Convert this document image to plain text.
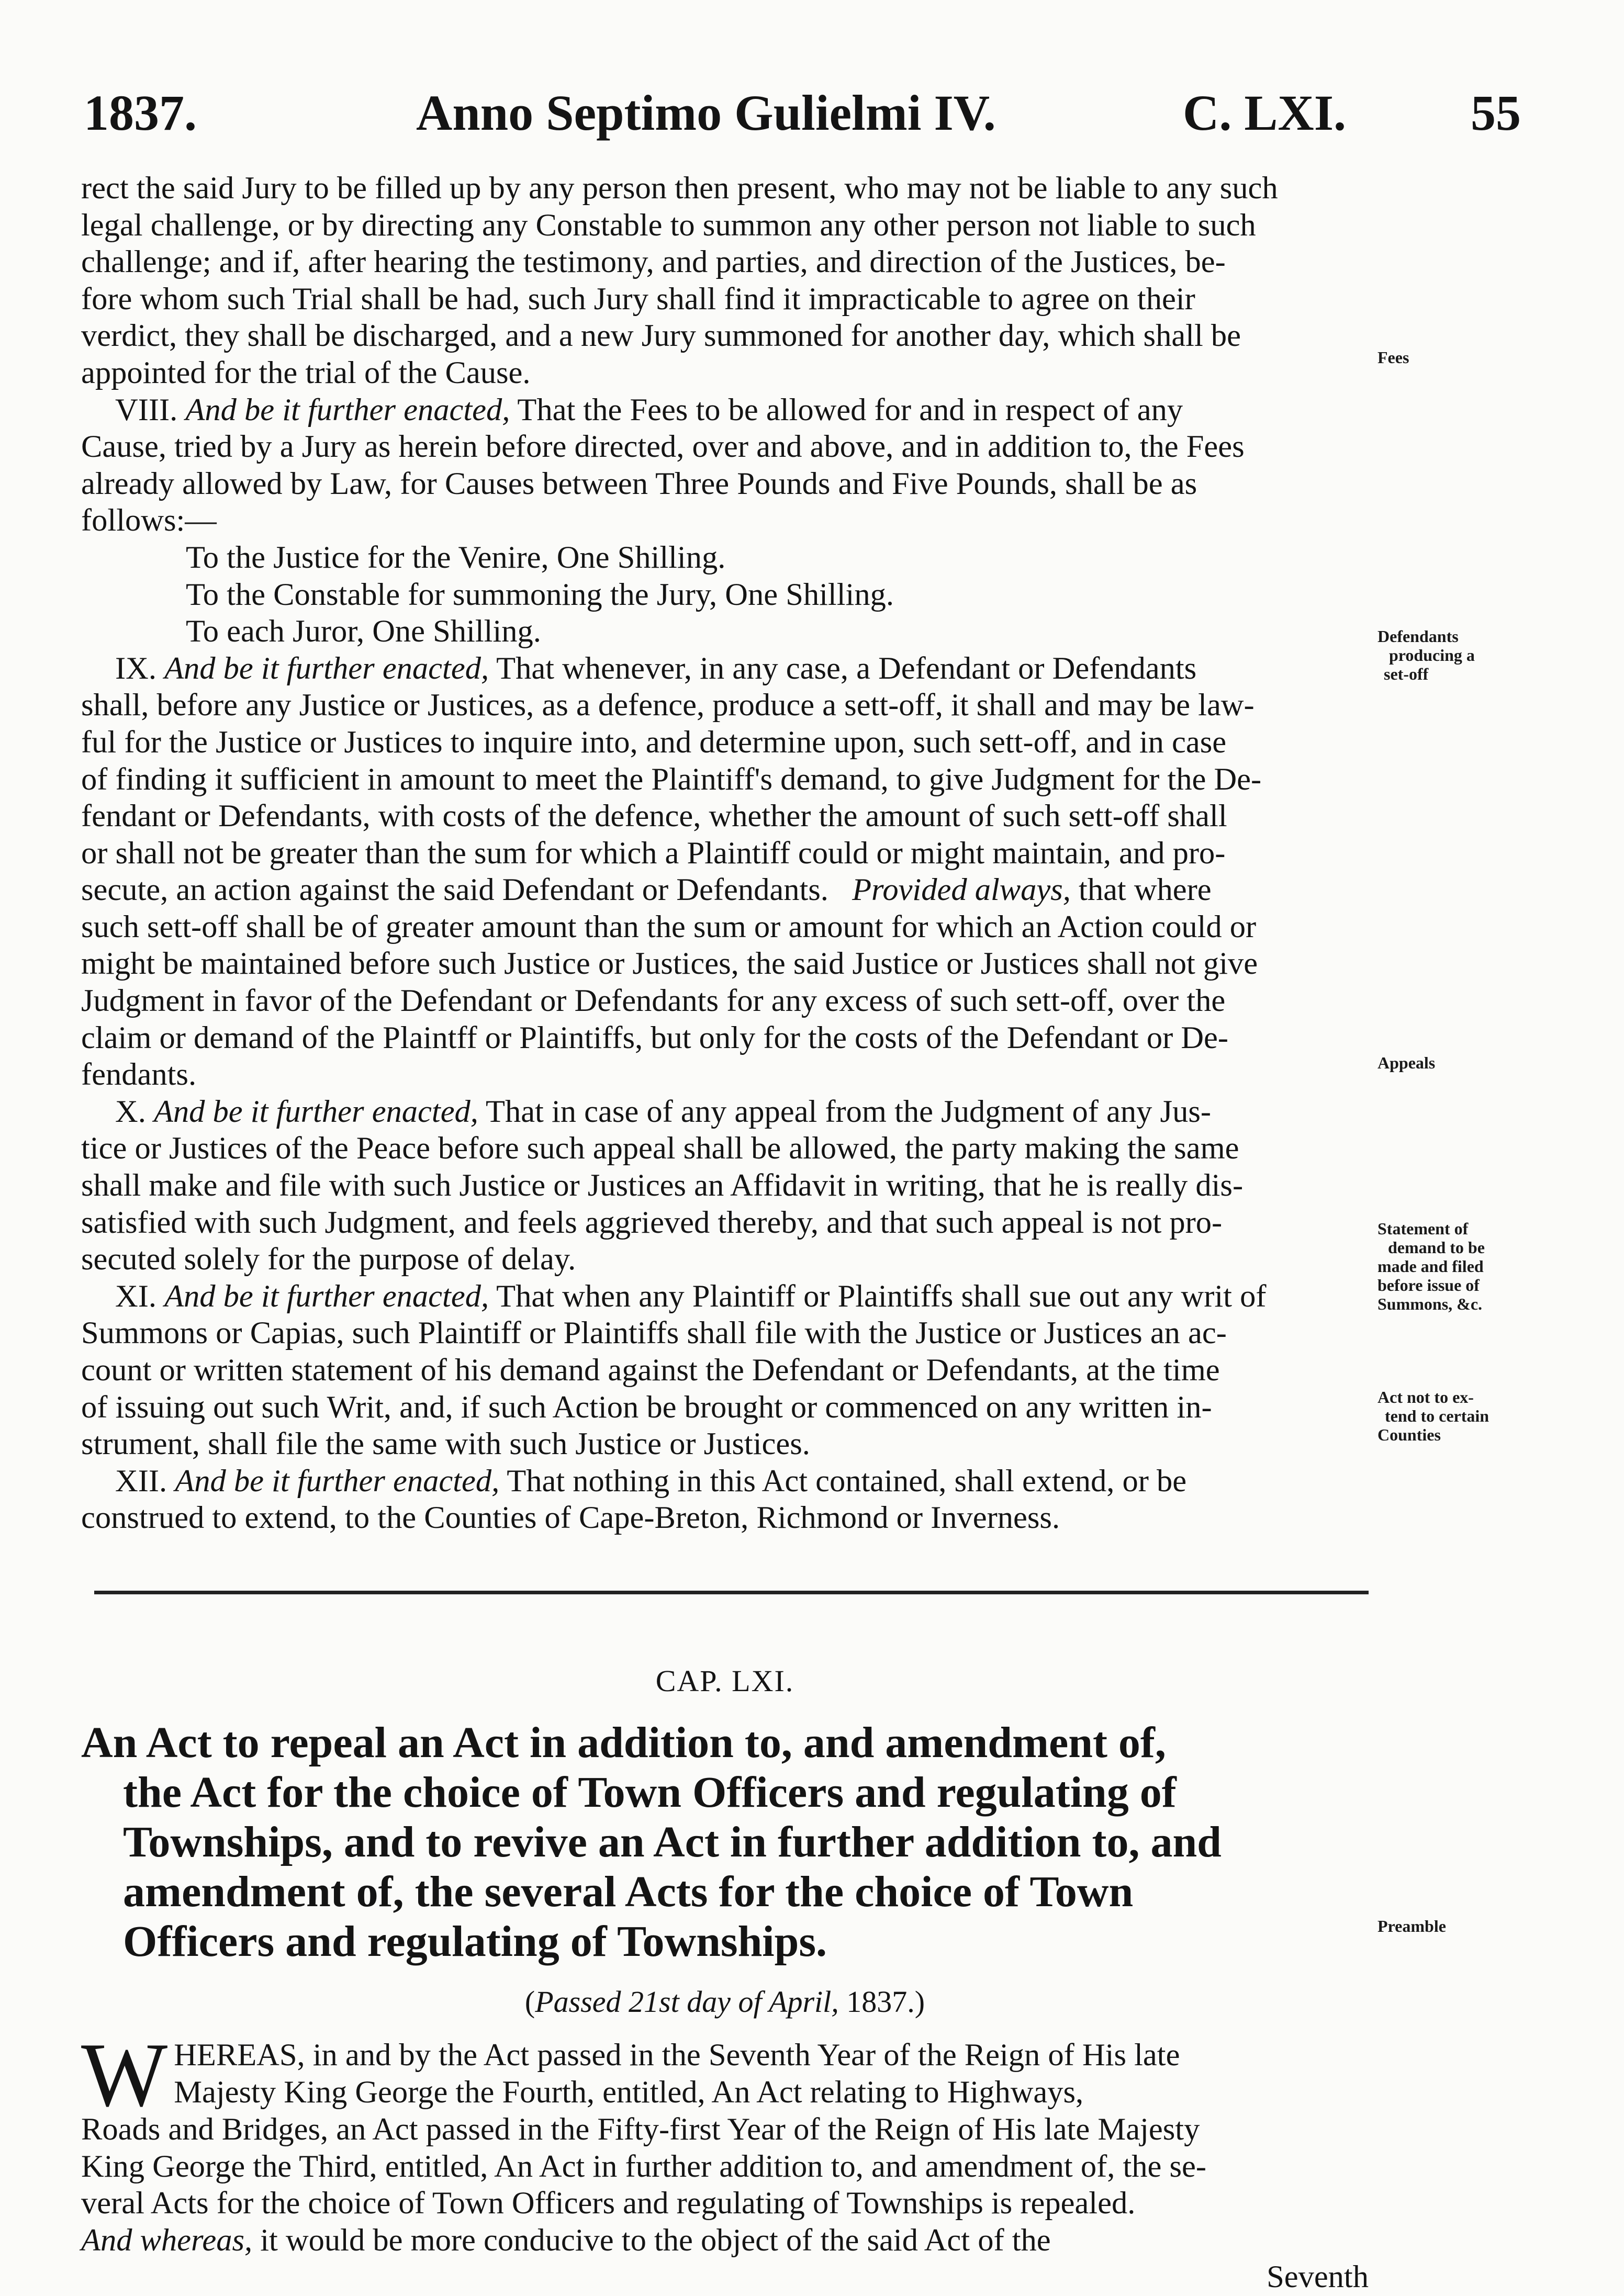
1837.	Anno Septimo Gulielmi IV.	C. LXI. 55
Fees
Defendants
producing a
set-off
Appeals
Statement of
demand to be
made and filed
before issue of
Summons, &c.
Act not to ex-
tend to certain
Counties
Preamble
rect the said Jury to be filled up by any person then present, who may not be liable to any such
legal challenge, or by directing any Constable to summon any other person not liable to such
challenge; and if, after hearing the testimony, and parties, and direction of the Justices, be-
fore whom such Trial shall be had, such Jury shall find it impracticable to agree on their
verdict, they shall be discharged, and a new Jury summoned for another day, which shall be
appointed for the trial of the Cause.
VIII. And be it further enacted, That the Fees to be allowed for and in respect of any
Cause, tried by a Jury as herein before directed, over and above, and in addition to, the Fees
already allowed by Law, for Causes between Three Pounds and Five Pounds, shall be as
follows:—
To the Justice for the Venire, One Shilling.
To the Constable for summoning the Jury, One Shilling.
To each Juror, One Shilling.
IX. And be it further enacted, That whenever, in any case, a Defendant or Defendants
shall, before any Justice or Justices, as a defence, produce a sett-off, it shall and may be law-
ful for the Justice or Justices to inquire into, and determine upon, such sett-off, and in case
of finding it sufficient in amount to meet the Plaintiff's demand, to give Judgment for the De-
fendant or Defendants, with costs of the defence, whether the amount of such sett-off shall
or shall not be greater than the sum for which a Plaintiff could or might maintain, and pro-
secute, an action against the said Defendant or Defendants. Provided always, that where
such sett-off shall be of greater amount than the sum or amount for which an Action could or
might be maintained before such Justice or Justices, the said Justice or Justices shall not give
Judgment in favor of the Defendant or Defendants for any excess of such sett-off, over the
claim or demand of the Plaintff or Plaintiffs, but only for the costs of the Defendant or De-
fendants.
X. And be it further enacted, That in case of any appeal from the Judgment of any Jus-
tice or Justices of the Peace before such appeal shall be allowed, the party making the same
shall make and file with such Justice or Justices an Affidavit in writing, that he is really dis-
satisfied with such Judgment, and feels aggrieved thereby, and that such appeal is not pro-
secuted solely for the purpose of delay.
XI. And be it further enacted, That when any Plaintiff or Plaintiffs shall sue out any writ of
Summons or Capias, such Plaintiff or Plaintiffs shall file with the Justice or Justices an ac-
count or written statement of his demand against the Defendant or Defendants, at the time
of issuing out such Writ, and, if such Action be brought or commenced on any written in-
strument, shall file the same with such Justice or Justices.
XII. And be it further enacted, That nothing in this Act contained, shall extend, or be
construed to extend, to the Counties of Cape-Breton, Richmond or Inverness.
CAP. LXI.
An Act to repeal an Act in addition to, and amendment of,
the Act for the choice of Town Officers and regulating of
Townships, and to revive an Act in further addition to, and
amendment of, the several Acts for the choice of Town
Officers and regulating of Townships.
(Passed 21st day of April, 1837.)
W HEREAS, in and by the Act passed in the Seventh Year of the Reign of His late
Majesty King George the Fourth, entitled, An Act relating to Highways,
Roads and Bridges, an Act passed in the Fifty-first Year of the Reign of His late Majesty
King George the Third, entitled, An Act in further addition to, and amendment of, the se-
veral Acts for the choice of Town Officers and regulating of Townships is repealed.
And whereas, it would be more conducive to the object of the said Act of the
Seventh
